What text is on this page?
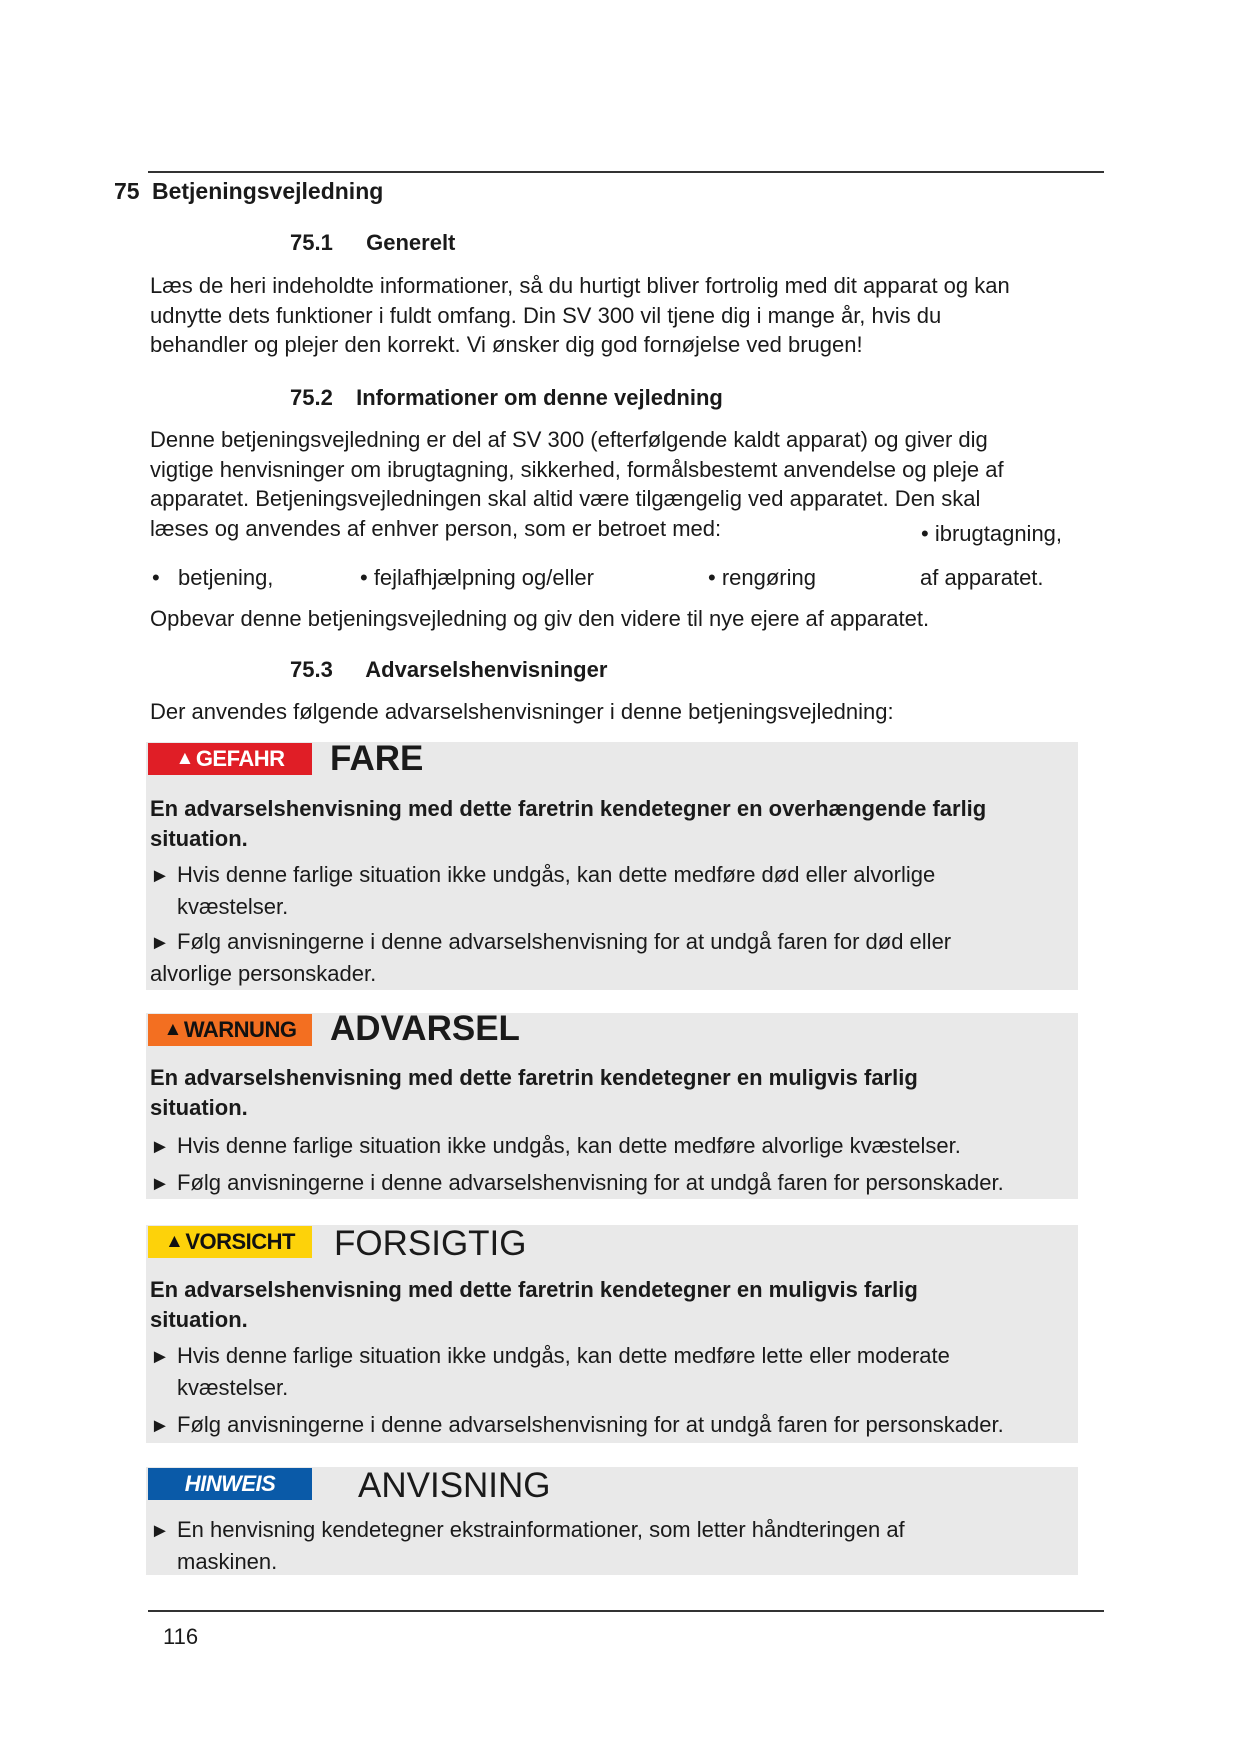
75 Betjeningsvejledning
75.1 Generelt
Læs de heri indeholdte informationer, så du hurtigt bliver fortrolig med dit apparat og kan
udnytte dets funktioner i fuldt omfang. Din SV 300 vil tjene dig i mange år, hvis du
behandler og plejer den korrekt. Vi ønsker dig god fornøjelse ved brugen!
75.2 Informationer om denne vejledning
Denne betjeningsvejledning er del af SV 300 (efterfølgende kaldt apparat) og giver dig
vigtige henvisninger om ibrugtagning, sikkerhed, formålsbestemt anvendelse og pleje af
apparatet. Betjeningsvejledningen skal altid være tilgængelig ved apparatet. Den skal
læses og anvendes af enhver person, som er betroet med:	• ibrugtagning,
• betjening,	• fejlafhjælpning og/eller	• rengøring	af apparatet.
Opbevar denne betjeningsvejledning og giv den videre til nye ejere af apparatet.
75.3 Advarselshenvisninger
Der anvendes følgende advarselshenvisninger i denne betjeningsvejledning:
▲ GEFAHR FARE
En advarselshenvisning med dette faretrin kendetegner en overhængende farlig
situation.
► Hvis denne farlige situation ikke undgås, kan dette medføre død eller alvorlige
kvæstelser.
► Følg anvisningerne i denne advarselshenvisning for at undgå faren for død eller
alvorlige personskader.
▲ WARNUNG ADVARSEL
En advarselshenvisning med dette faretrin kendetegner en muligvis farlig
situation.
► Hvis denne farlige situation ikke undgås, kan dette medføre alvorlige kvæstelser.
► Følg anvisningerne i denne advarselshenvisning for at undgå faren for personskader.
▲ VORSICHT FORSIGTIG
En advarselshenvisning med dette faretrin kendetegner en muligvis farlig
situation.
► Hvis denne farlige situation ikke undgås, kan dette medføre lette eller moderate
kvæstelser.
► Følg anvisningerne i denne advarselshenvisning for at undgå faren for personskader.
HINWEIS ANVISNING
► En henvisning kendetegner ekstrainformationer, som letter håndteringen af
maskinen.
116
